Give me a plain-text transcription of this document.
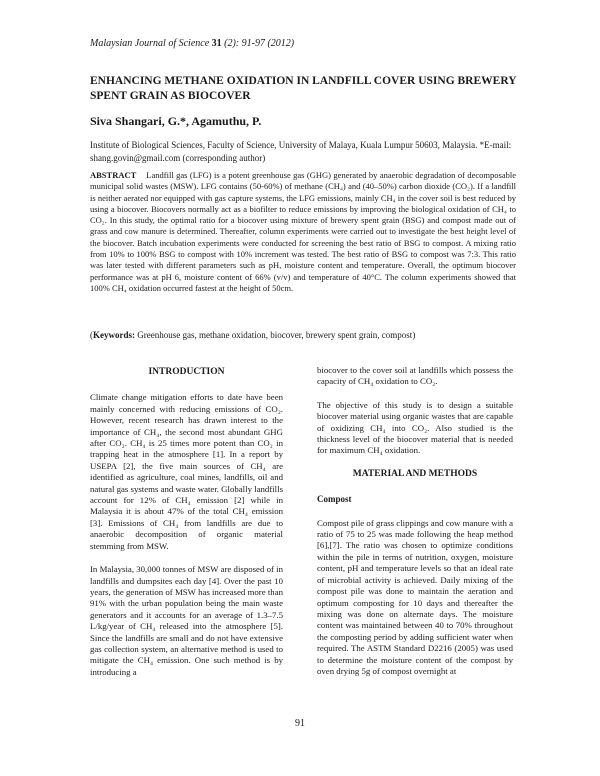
Malaysian Journal of Science 31 (2): 91-97 (2012)
ENHANCING METHANE OXIDATION IN LANDFILL COVER USING BREWERY SPENT GRAIN AS BIOCOVER
Siva Shangari, G.*, Agamuthu, P.
Institute of Biological Sciences, Faculty of Science, University of Malaya, Kuala Lumpur 50603, Malaysia. *E-mail: shang.govin@gmail.com (corresponding author)
ABSTRACT Landfill gas (LFG) is a potent greenhouse gas (GHG) generated by anaerobic degradation of decomposable municipal solid wastes (MSW). LFG contains (50-60%) of methane (CH₄) and (40–50%) carbon dioxide (CO₂). If a landfill is neither aerated nor equipped with gas capture systems, the LFG emissions, mainly CH₄ in the cover soil is best reduced by using a biocover. Biocovers normally act as a biofilter to reduce emissions by improving the biological oxidation of CH₄ to CO₂. In this study, the optimal ratio for a biocover using mixture of brewery spent grain (BSG) and compost made out of grass and cow manure is determined. Thereafter, column experiments were carried out to investigate the best height level of the biocover. Batch incubation experiments were conducted for screening the best ratio of BSG to compost. A mixing ratio from 10% to 100% BSG to compost with 10% increment was tested. The best ratio of BSG to compost was 7:3. This ratio was later tested with different parameters such as pH, moisture content and temperature. Overall, the optimum biocover performance was at pH 6, moisture content of 66% (v/v) and temperature of 40°C. The column experiments showed that 100% CH₄ oxidation occurred fastest at the height of 50cm.
(Keywords: Greenhouse gas, methane oxidation, biocover, brewery spent grain, compost)
INTRODUCTION

Climate change mitigation efforts to date have been mainly concerned with reducing emissions of CO₂. However, recent research has drawn interest to the importance of CH₄, the second most abundant GHG after CO₂. CH₄ is 25 times more potent than CO₂ in trapping heat in the atmosphere [1]. In a report by USEPA [2], the five main sources of CH₄ are identified as agriculture, coal mines, landfills, oil and natural gas systems and waste water. Globally landfills account for 12% of CH₄ emission [2] while in Malaysia it is about 47% of the total CH₄ emission [3]. Emissions of CH₄ from landfills are due to anaerobic decomposition of organic material stemming from MSW.

In Malaysia, 30,000 tonnes of MSW are disposed of in landfills and dumpsites each day [4]. Over the past 10 years, the generation of MSW has increased more than 91% with the urban population being the main waste generators and it accounts for an average of 1.3–7.5 L/kg/year of CH₄ released into the atmosphere [5]. Since the landfills are small and do not have extensive gas collection system, an alternative method is used to mitigate the CH₄ emission. One such method is by introducing a

biocover to the cover soil at landfills which possess the capacity of CH₄ oxidation to CO₂.

The objective of this study is to design a suitable biocover material using organic wastes that are capable of oxidizing CH₄ into CO₂. Also studied is the thickness level of the biocover material that is needed for maximum CH₄ oxidation.

MATERIAL AND METHODS
Compost

Compost pile of grass clippings and cow manure with a ratio of 75 to 25 was made following the heap method [6],[7]. The ratio was chosen to optimize conditions within the pile in terms of nutrition, oxygen, moisture content, pH and temperature levels so that an ideal rate of microbial activity is achieved. Daily mixing of the compost pile was done to maintain the aeration and optimum composting for 10 days and thereafter the mixing was done on alternate days. The moisture content was maintained between 40 to 70% throughout the composting period by adding sufficient water when required. The ASTM Standard D2216 (2005) was used to determine the moisture content of the compost by oven drying 5g of compost overnight at

91
